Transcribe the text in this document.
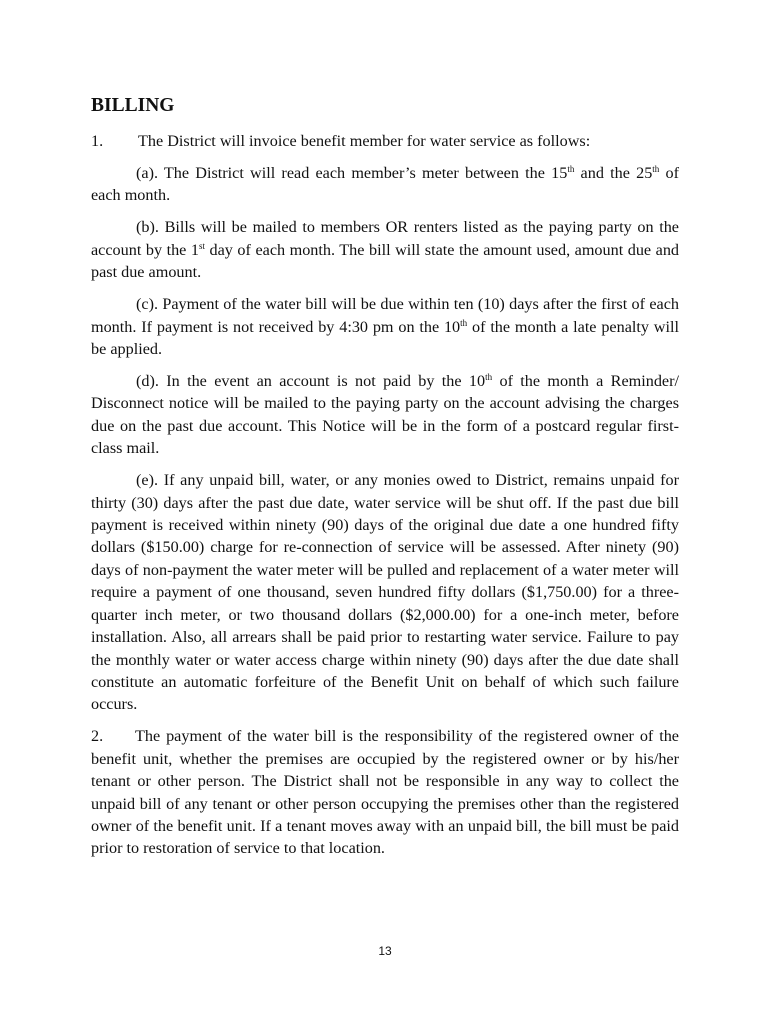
BILLING
1.	The District will invoice benefit member for water service as follows:

(a). The District will read each member’s meter between the 15th and the 25th of each month.

(b). Bills will be mailed to members OR renters listed as the paying party on the account by the 1st day of each month. The bill will state the amount used, amount due and past due amount.

(c). Payment of the water bill will be due within ten (10) days after the first of each month. If payment is not received by 4:30 pm on the 10th of the month a late penalty will be applied.

(d). In the event an account is not paid by the 10th of the month a Reminder/ Disconnect notice will be mailed to the paying party on the account advising the charges due on the past due account. This Notice will be in the form of a postcard regular first-class mail.

(e). If any unpaid bill, water, or any monies owed to District, remains unpaid for thirty (30) days after the past due date, water service will be shut off. If the past due bill payment is received within ninety (90) days of the original due date a one hundred fifty dollars ($150.00) charge for re-connection of service will be assessed. After ninety (90) days of non-payment the water meter will be pulled and replacement of a water meter will require a payment of one thousand, seven hundred fifty dollars ($1,750.00) for a three-quarter inch meter, or two thousand dollars ($2,000.00) for a one-inch meter, before installation. Also, all arrears shall be paid prior to restarting water service. Failure to pay the monthly water or water access charge within ninety (90) days after the due date shall constitute an automatic forfeiture of the Benefit Unit on behalf of which such failure occurs.

2. The payment of the water bill is the responsibility of the registered owner of the benefit unit, whether the premises are occupied by the registered owner or by his/her tenant or other person. The District shall not be responsible in any way to collect the unpaid bill of any tenant or other person occupying the premises other than the registered owner of the benefit unit. If a tenant moves away with an unpaid bill, the bill must be paid prior to restoration of service to that location.

13
